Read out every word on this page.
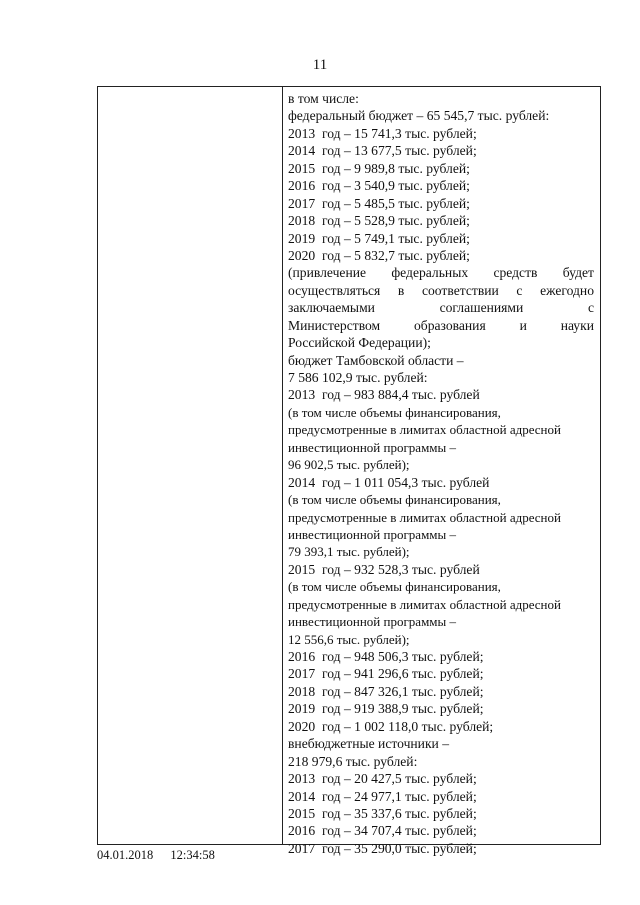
11
в том числе:
федеральный бюджет – 65 545,7 тыс. рублей:
2013 год – 15 741,3 тыс. рублей;
2014 год – 13 677,5 тыс. рублей;
2015 год – 9 989,8 тыс. рублей;
2016 год – 3 540,9 тыс. рублей;
2017 год – 5 485,5 тыс. рублей;
2018 год – 5 528,9 тыс. рублей;
2019 год – 5 749,1 тыс. рублей;
2020 год – 5 832,7 тыс. рублей;
(привлечение федеральных средств будет
осуществляться в соответствии с ежегодно
заключаемыми соглашениями с
Министерством образования и науки
Российской Федерации);
бюджет Тамбовской области –
7 586 102,9 тыс. рублей:
2013 год – 983 884,4 тыс. рублей
(в том числе объемы финансирования,
предусмотренные в лимитах областной адресной
инвестиционной программы –
96 902,5 тыс. рублей);
2014 год – 1 011 054,3 тыс. рублей
(в том числе объемы финансирования,
предусмотренные в лимитах областной адресной
инвестиционной программы –
79 393,1 тыс. рублей);
2015 год – 932 528,3 тыс. рублей
(в том числе объемы финансирования,
предусмотренные в лимитах областной адресной
инвестиционной программы –
12 556,6 тыс. рублей);
2016 год – 948 506,3 тыс. рублей;
2017 год – 941 296,6 тыс. рублей;
2018 год – 847 326,1 тыс. рублей;
2019 год – 919 388,9 тыс. рублей;
2020 год – 1 002 118,0 тыс. рублей;
внебюджетные источники –
218 979,6 тыс. рублей:
2013 год – 20 427,5 тыс. рублей;
2014 год – 24 977,1 тыс. рублей;
2015 год – 35 337,6 тыс. рублей;
2016 год – 34 707,4 тыс. рублей;
2017 год – 35 290,0 тыс. рублей;
04.01.2018 12:34:58
